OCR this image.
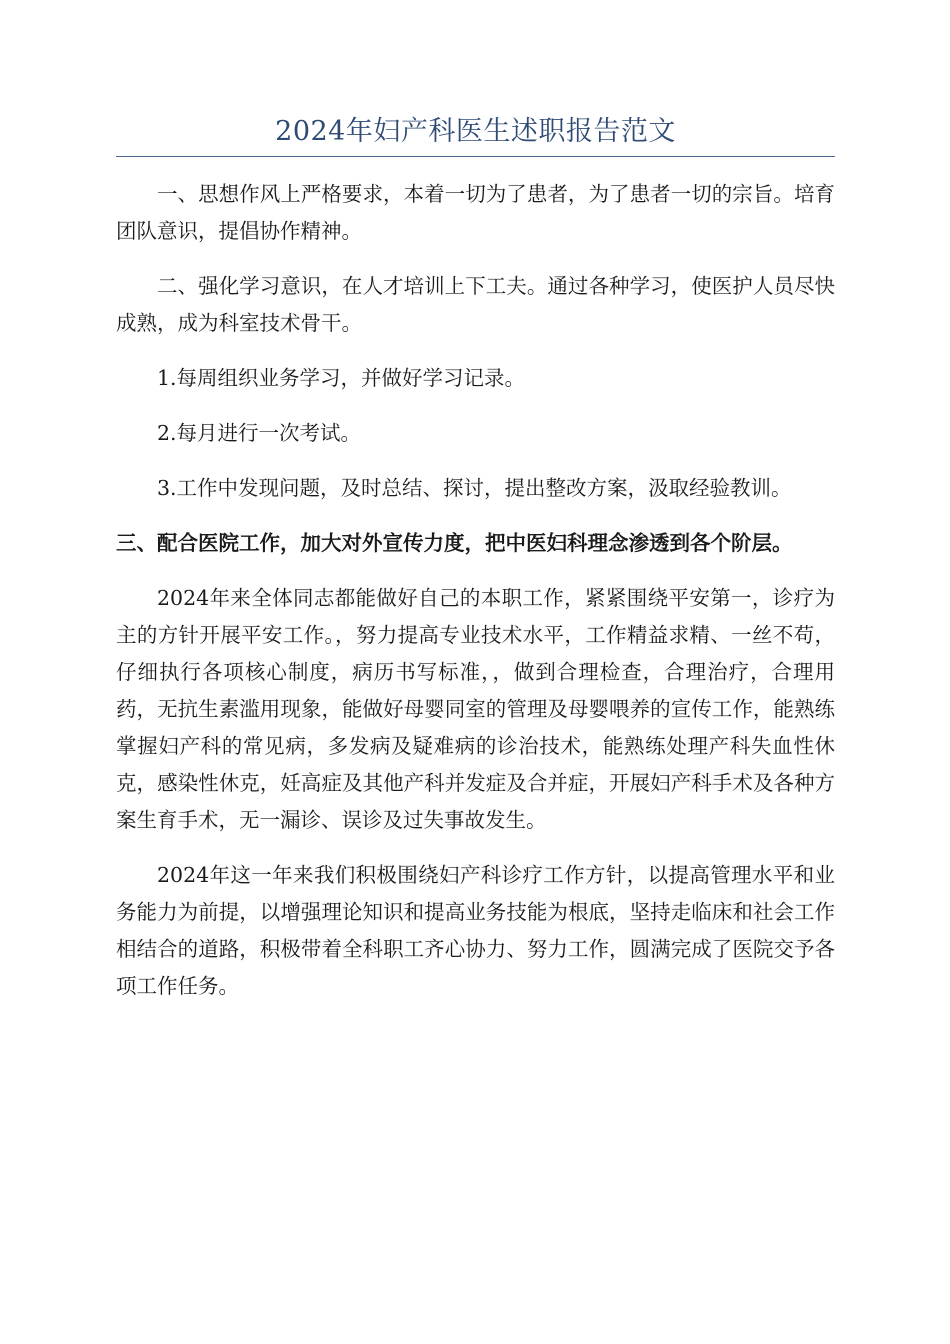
2024年妇产科医生述职报告范文

一、思想作风上严格要求，本着一切为了患者，为了患者一切的宗旨。培育团队意识，提倡协作精神。

二、强化学习意识，在人才培训上下工夫。通过各种学习，使医护人员尽快成熟，成为科室技术骨干。

1.每周组织业务学习，并做好学习记录。

2.每月进行一次考试。

3.工作中发现问题，及时总结、探讨，提出整改方案，汲取经验教训。

三、配合医院工作，加大对外宣传力度，把中医妇科理念渗透到各个阶层。

2024年来全体同志都能做好自己的本职工作，紧紧围绕平安第一，诊疗为主的方针开展平安工作。，努力提高专业技术水平，工作精益求精、一丝不苟，仔细执行各项核心制度，病历书写标准，，做到合理检查，合理治疗，合理用药，无抗生素滥用现象，能做好母婴同室的管理及母婴喂养的宣传工作，能熟练掌握妇产科的常见病，多发病及疑难病的诊治技术，能熟练处理产科失血性休克，感染性休克，妊高症及其他产科并发症及合并症，开展妇产科手术及各种方案生育手术，无一漏诊、误诊及过失事故发生。

2024年这一年来我们积极围绕妇产科诊疗工作方针，以提高管理水平和业务能力为前提，以增强理论知识和提高业务技能为根底，坚持走临床和社会工作相结合的道路，积极带着全科职工齐心协力、努力工作，圆满完成了医院交予各项工作任务。
